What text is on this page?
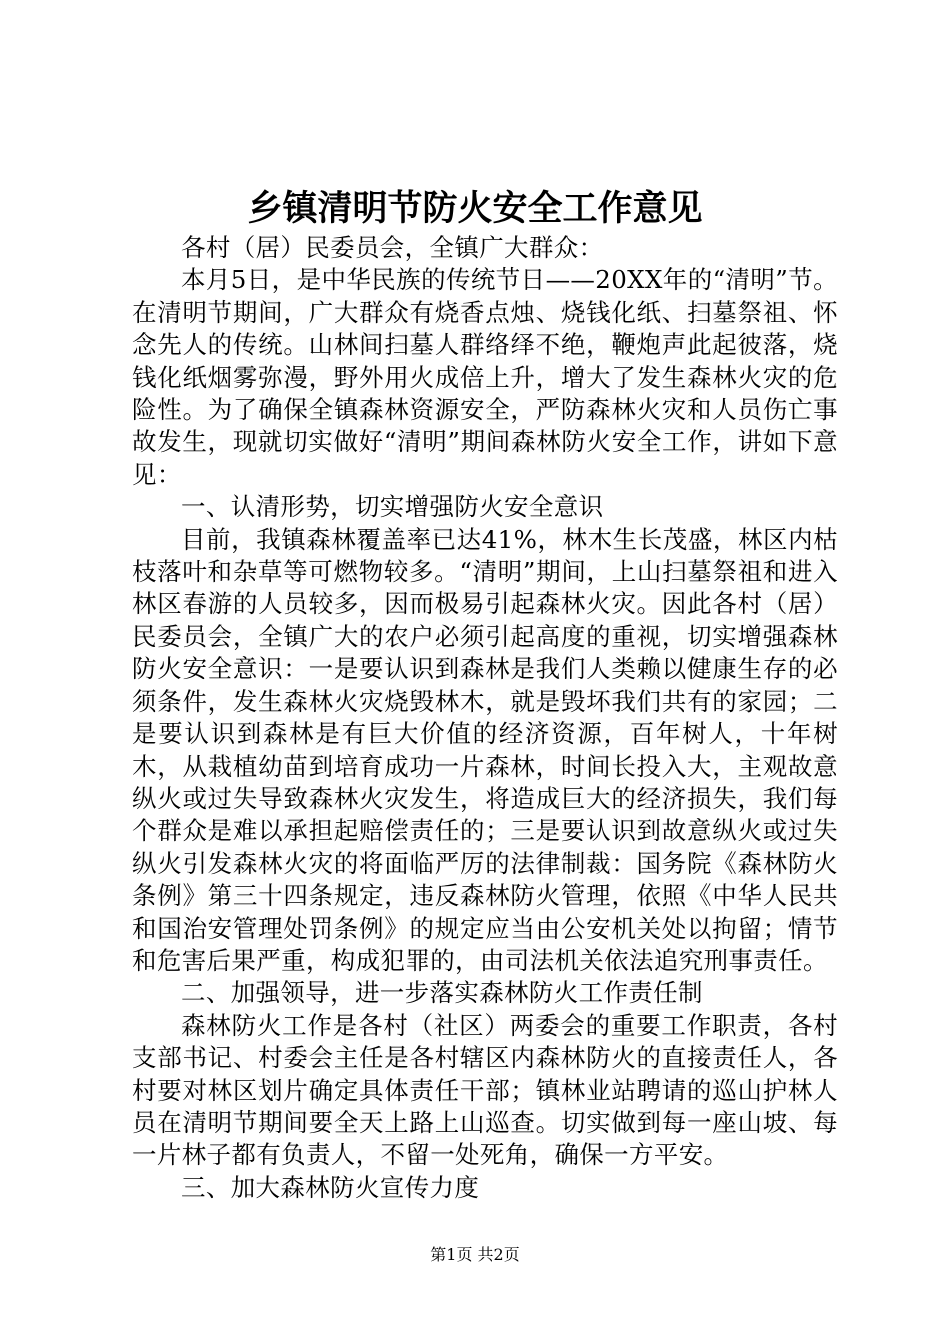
乡镇清明节防火安全工作意见

各村（居）民委员会，全镇广大群众：

本月5日，是中华民族的传统节日——20XX年的“清明”节。在清明节期间，广大群众有烧香点烛、烧钱化纸、扫墓祭祖、怀念先人的传统。山林间扫墓人群络绎不绝，鞭炮声此起彼落，烧钱化纸烟雾弥漫，野外用火成倍上升，增大了发生森林火灾的危险性。为了确保全镇森林资源安全，严防森林火灾和人员伤亡事故发生，现就切实做好“清明”期间森林防火安全工作，讲如下意见：

一、认清形势，切实增强防火安全意识

目前，我镇森林覆盖率已达41%，林木生长茂盛，林区内枯枝落叶和杂草等可燃物较多。“清明”期间，上山扫墓祭祖和进入林区春游的人员较多，因而极易引起森林火灾。因此各村（居）民委员会，全镇广大的农户必须引起高度的重视，切实增强森林防火安全意识：一是要认识到森林是我们人类赖以健康生存的必须条件，发生森林火灾烧毁林木，就是毁坏我们共有的家园；二是要认识到森林是有巨大价值的经济资源，百年树人，十年树木，从栽植幼苗到培育成功一片森林，时间长投入大，主观故意纵火或过失导致森林火灾发生，将造成巨大的经济损失，我们每个群众是难以承担起赔偿责任的；三是要认识到故意纵火或过失纵火引发森林火灾的将面临严厉的法律制裁：国务院《森林防火条例》第三十四条规定，违反森林防火管理，依照《中华人民共和国治安管理处罚条例》的规定应当由公安机关处以拘留；情节和危害后果严重，构成犯罪的，由司法机关依法追究刑事责任。

二、加强领导，进一步落实森林防火工作责任制

森林防火工作是各村（社区）两委会的重要工作职责，各村支部书记、村委会主任是各村辖区内森林防火的直接责任人，各村要对林区划片确定具体责任干部；镇林业站聘请的巡山护林人员在清明节期间要全天上路上山巡查。切实做到每一座山坡、每一片林子都有负责人，不留一处死角，确保一方平安。

三、加大森林防火宣传力度

第1页 共2页
